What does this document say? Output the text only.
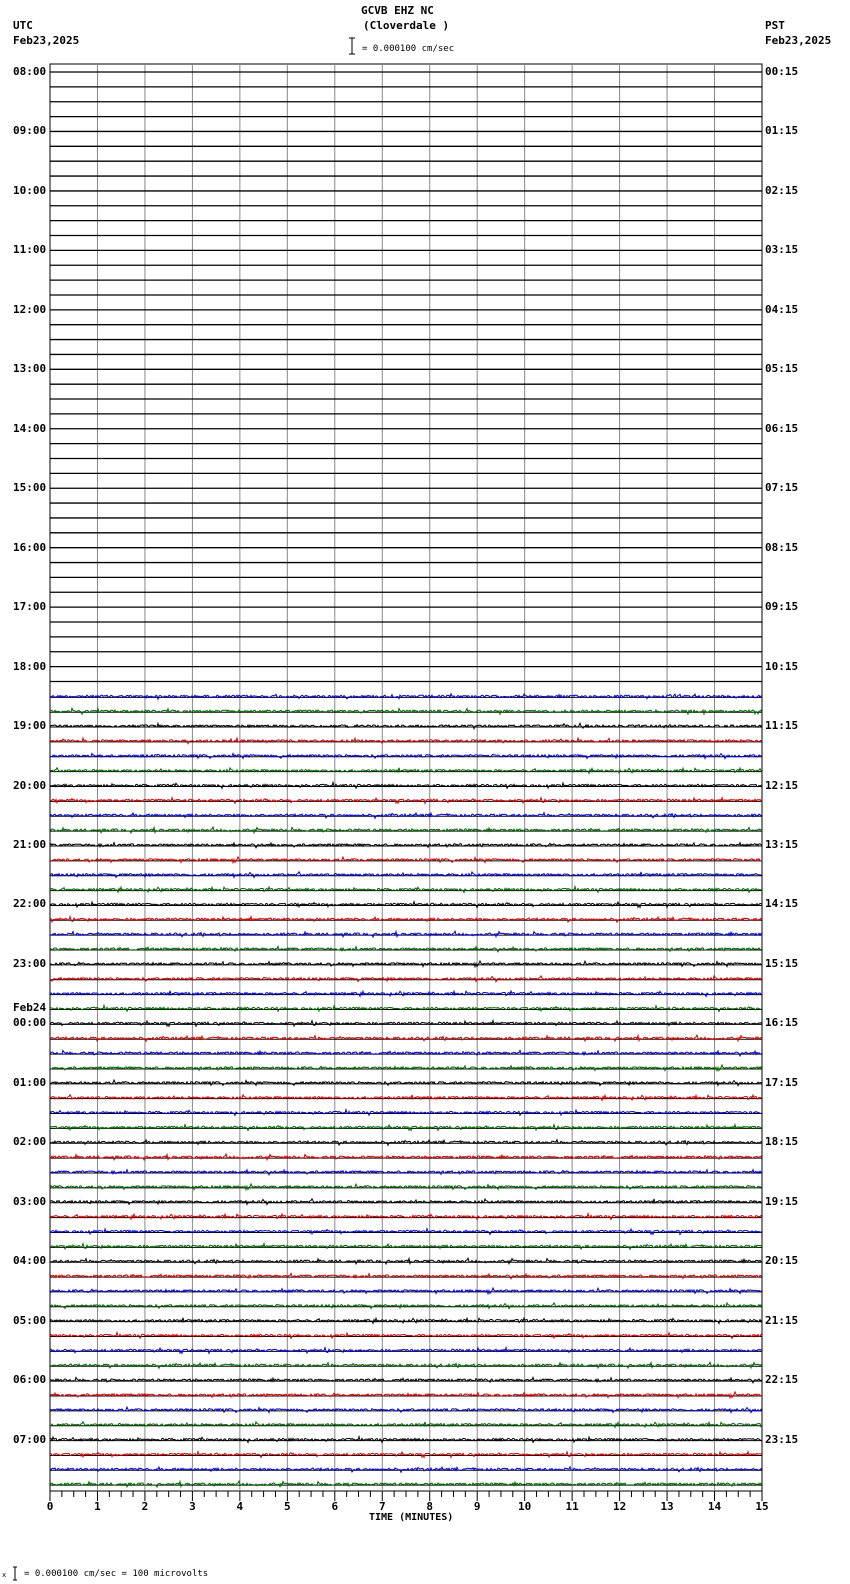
GCVB EHZ NC
(Cloverdale )
UTC
Feb23,2025
PST
Feb23,2025
= 0.000100 cm/sec
TIME (MINUTES)
x = 0.000100 cm/sec = 100 microvolts
08:00
09:00
10:00
11:00
12:00
13:00
14:00
15:00
16:00
17:00
18:00
19:00
20:00
21:00
22:00
23:00
00:00
Feb24
01:00
02:00
03:00
04:00
05:00
06:00
07:00
00:15
01:15
02:15
03:15
04:15
05:15
06:15
07:15
08:15
09:15
10:15
11:15
12:15
13:15
14:15
15:15
16:15
17:15
18:15
19:15
20:15
21:15
22:15
23:15
0	1	2	3	4	5	6	7	8	9	10	11	12	13	14	15
